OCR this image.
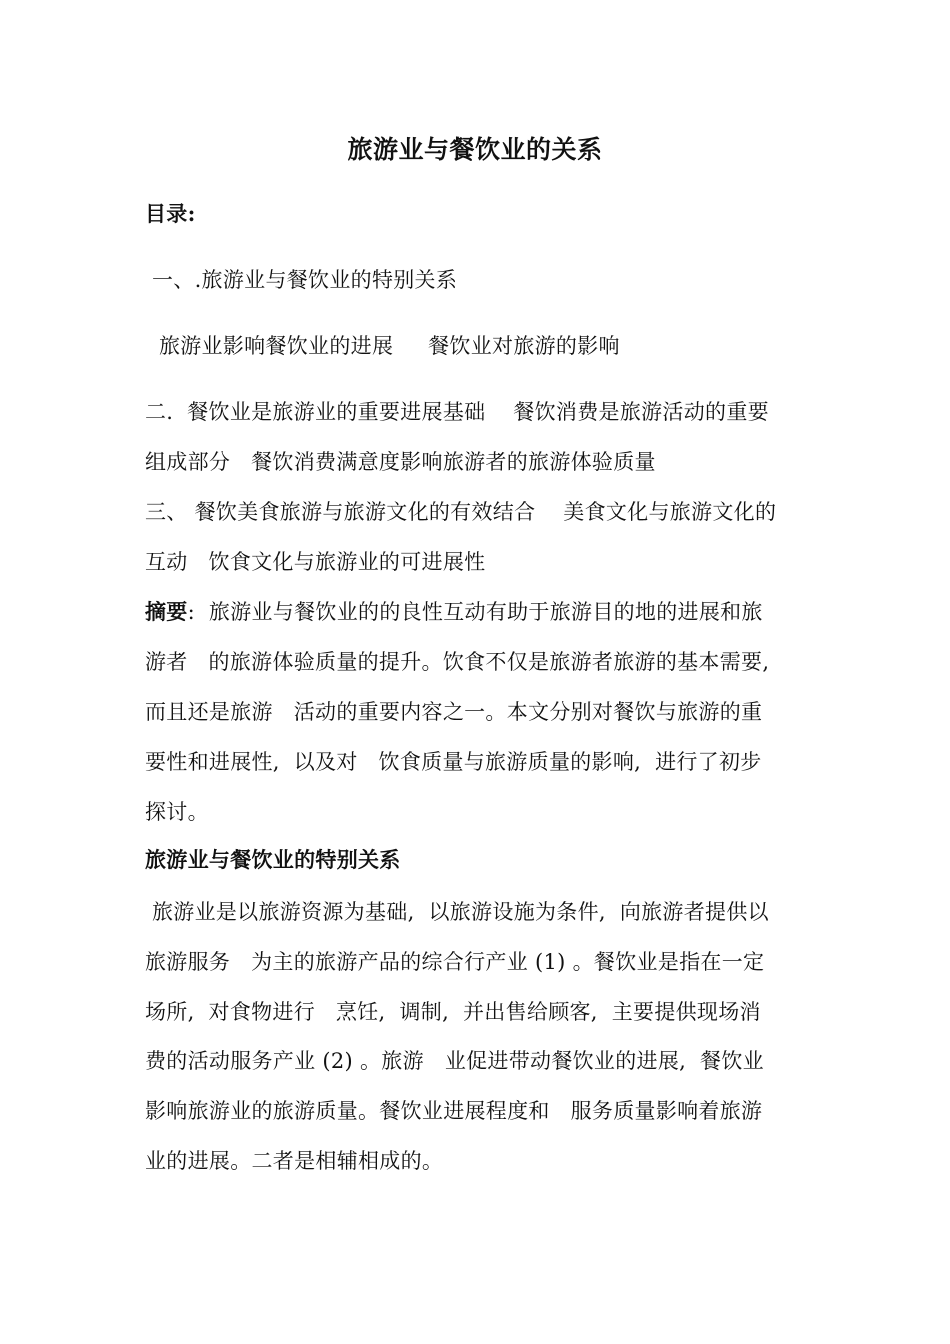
旅游业与餐饮业的关系
目录:
一、.旅游业与餐饮业的特别关系
旅游业影响餐饮业的进展     餐饮业对旅游的影响
二.  餐饮业是旅游业的重要进展基础    餐饮消费是旅游活动的重要
组成部分   餐饮消费满意度影响旅游者的旅游体验质量
三、 餐饮美食旅游与旅游文化的有效结合    美食文化与旅游文化的
互动   饮食文化与旅游业的可进展性
摘要:  旅游业与餐饮业的的良性互动有助于旅游目的地的进展和旅
游者   的旅游体验质量的提升。饮食不仅是旅游者旅游的基本需要,
而且还是旅游   活动的重要内容之一。本文分别对餐饮与旅游的重
要性和进展性,  以及对   饮食质量与旅游质量的影响,  进行了初步
探讨。
旅游业与餐饮业的特别关系
旅游业是以旅游资源为基础,  以旅游设施为条件,  向旅游者提供以
旅游服务   为主的旅游产品的综合行产业 (1) 。餐饮业是指在一定
场所,  对食物进行   烹饪,  调制,  并出售给顾客,  主要提供现场消
费的活动服务产业 (2) 。旅游   业促进带动餐饮业的进展,  餐饮业
影响旅游业的旅游质量。餐饮业进展程度和   服务质量影响着旅游
业的进展。二者是相辅相成的。
